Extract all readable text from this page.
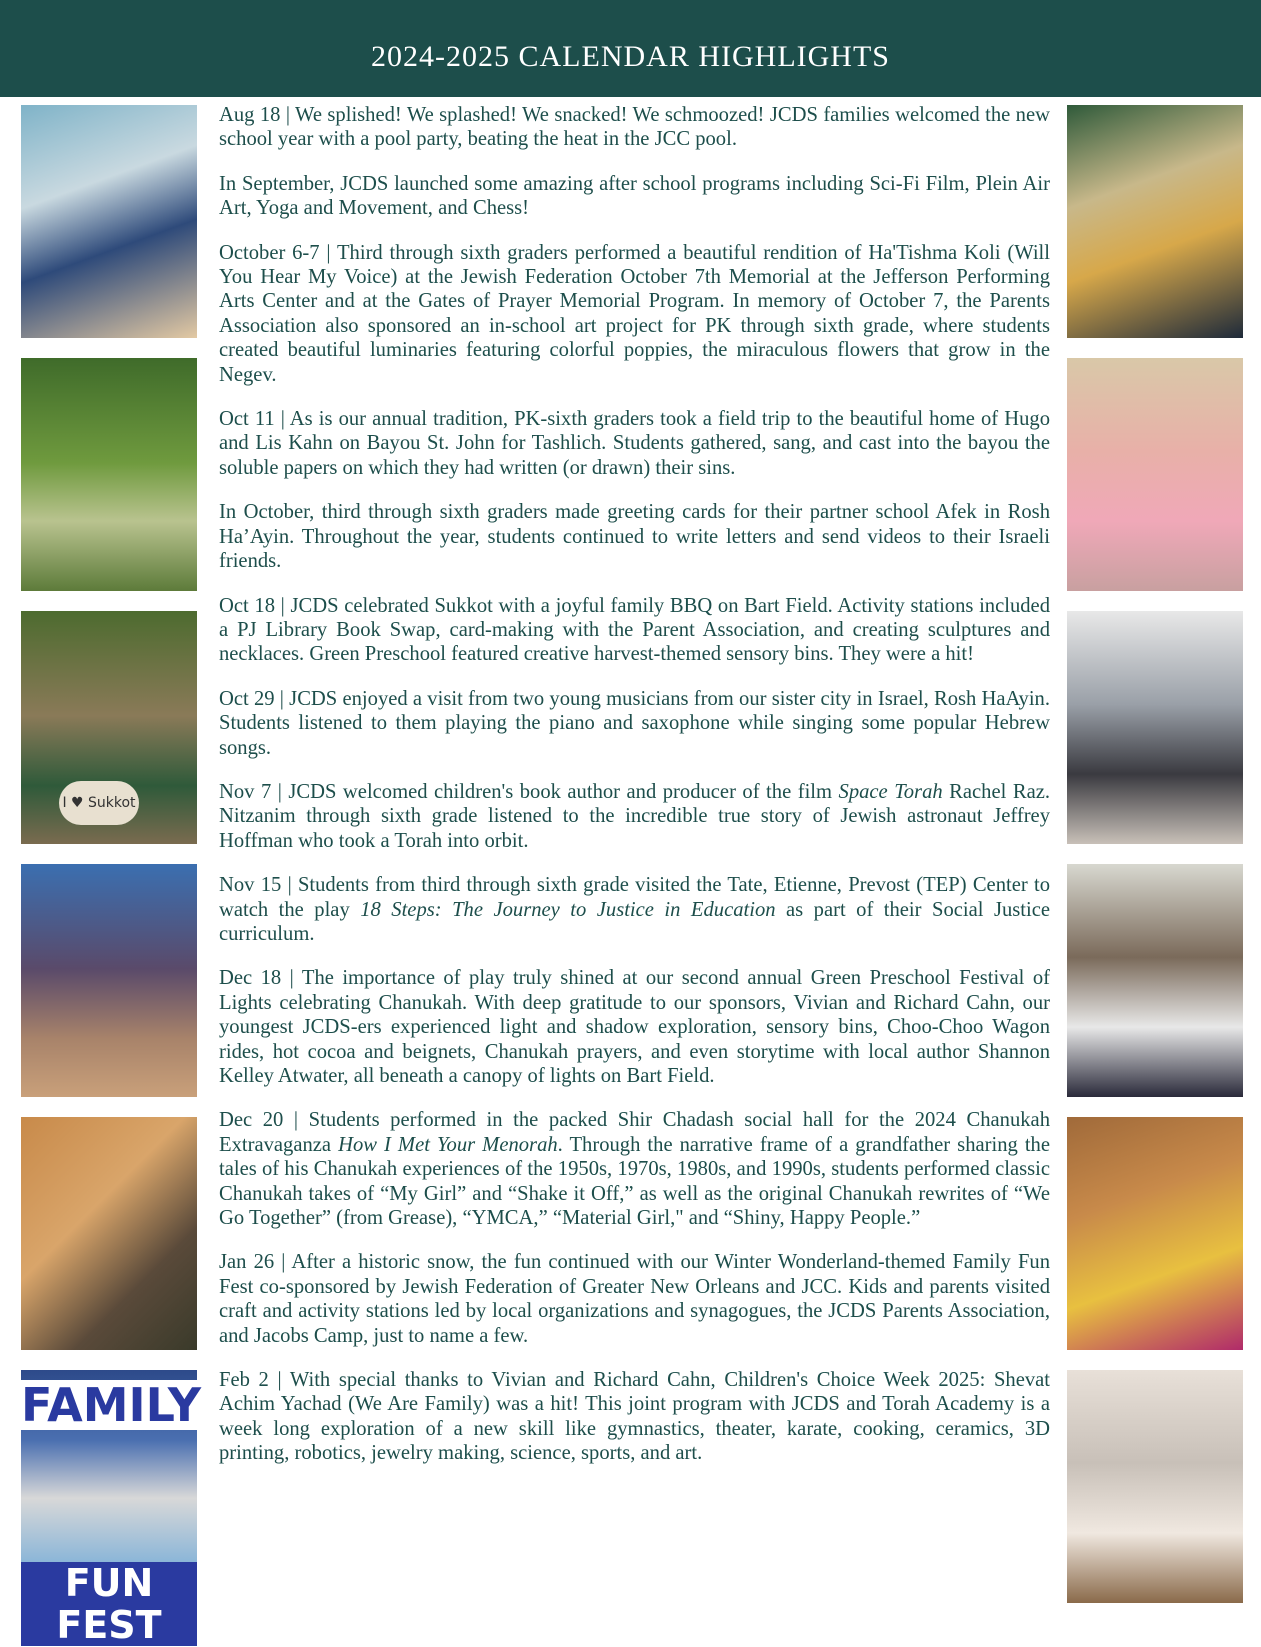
2024-2025 CALENDAR HIGHLIGHTS
I ♥ Sukkot
FAMILY
FUN FEST

Aug 18 | We splished! We splashed! We snacked! We schmoozed! JCDS families welcomed the new school year with a pool party, beating the heat in the JCC pool.

In September, JCDS launched some amazing after school programs including Sci-Fi Film, Plein Air Art, Yoga and Movement, and Chess!

October 6-7 | Third through sixth graders performed a beautiful rendition of Ha'Tishma Koli (Will You Hear My Voice) at the Jewish Federation October 7th Memorial at the Jefferson Performing Arts Center and at the Gates of Prayer Memorial Program. In memory of October 7, the Parents Association also sponsored an in-school art project for PK through sixth grade, where students created beautiful luminaries featuring colorful poppies, the miraculous flowers that grow in the Negev.

Oct 11 | As is our annual tradition, PK-sixth graders took a field trip to the beautiful home of Hugo and Lis Kahn on Bayou St. John for Tashlich. Students gathered, sang, and cast into the bayou the soluble papers on which they had written (or drawn) their sins.

In October, third through sixth graders made greeting cards for their partner school Afek in Rosh Ha’Ayin. Throughout the year, students continued to write letters and send videos to their Israeli friends.

Oct 18 | JCDS celebrated Sukkot with a joyful family BBQ on Bart Field. Activity stations included a PJ Library Book Swap, card-making with the Parent Association, and creating sculptures and necklaces. Green Preschool featured creative harvest-themed sensory bins. They were a hit!

Oct 29 | JCDS enjoyed a visit from two young musicians from our sister city in Israel, Rosh HaAyin. Students listened to them playing the piano and saxophone while singing some popular Hebrew songs.

Nov 7 | JCDS welcomed children's book author and producer of the film Space Torah Rachel Raz. Nitzanim through sixth grade listened to the incredible true story of Jewish astronaut Jeffrey Hoffman who took a Torah into orbit.

Nov 15 | Students from third through sixth grade visited the Tate, Etienne, Prevost (TEP) Center to watch the play 18 Steps: The Journey to Justice in Education as part of their Social Justice curriculum.

Dec 18 | The importance of play truly shined at our second annual Green Preschool Festival of Lights celebrating Chanukah. With deep gratitude to our sponsors, Vivian and Richard Cahn, our youngest JCDS-ers experienced light and shadow exploration, sensory bins, Choo-Choo Wagon rides, hot cocoa and beignets, Chanukah prayers, and even storytime with local author Shannon Kelley Atwater, all beneath a canopy of lights on Bart Field.

Dec 20 | Students performed in the packed Shir Chadash social hall for the 2024 Chanukah Extravaganza How I Met Your Menorah. Through the narrative frame of a grandfather sharing the tales of his Chanukah experiences of the 1950s, 1970s, 1980s, and 1990s, students performed classic Chanukah takes of “My Girl” and “Shake it Off,” as well as the original Chanukah rewrites of “We Go Together” (from Grease), “YMCA,” “Material Girl," and “Shiny, Happy People.”

Jan 26 | After a historic snow, the fun continued with our Winter Wonderland-themed Family Fun Fest co-sponsored by Jewish Federation of Greater New Orleans and JCC. Kids and parents visited craft and activity stations led by local organizations and synagogues, the JCDS Parents Association, and Jacobs Camp, just to name a few.

Feb 2 | With special thanks to Vivian and Richard Cahn, Children's Choice Week 2025: Shevat Achim Yachad (We Are Family) was a hit! This joint program with JCDS and Torah Academy is a week long exploration of a new skill like gymnastics, theater, karate, cooking, ceramics, 3D printing, robotics, jewelry making, science, sports, and art.
